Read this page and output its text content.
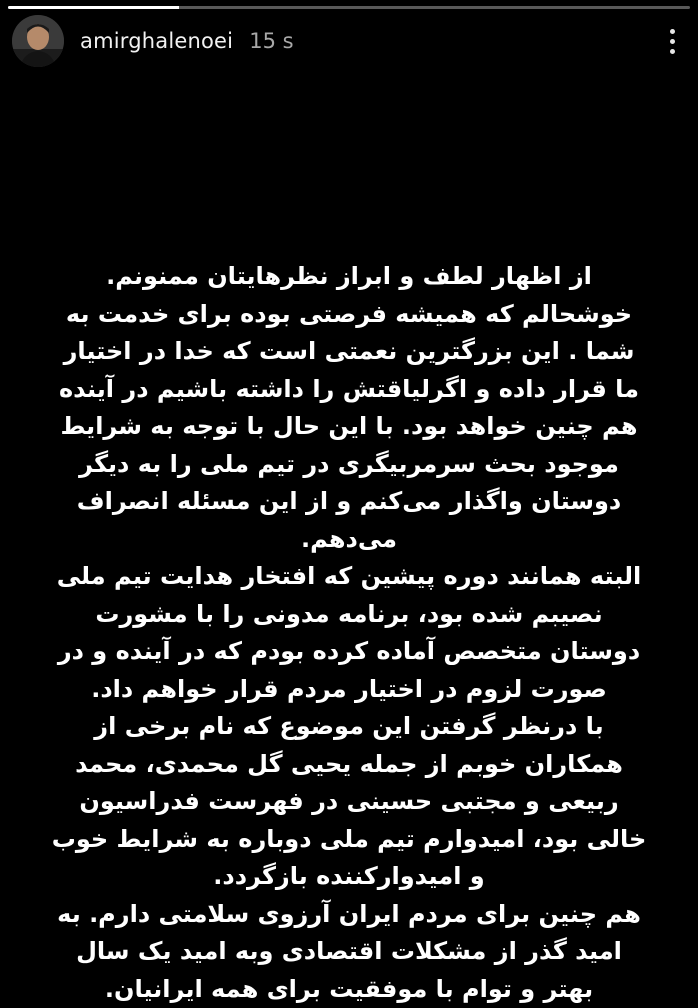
amirghalenoei 15 s

از اظهار لطف و ابراز نظرهایتان ممنونم. خوشحالم که همیشه فرصتی بوده برای خدمت به شما . این بزرگترین نعمتی است که خدا در اختیار ما قرار داده و اگرلیاقتش را داشته باشیم در آینده هم چنین خواهد بود. با این حال با توجه به شرایط موجود بحث سرمربیگری در تیم ملی را به دیگر دوستان واگذار می‌کنم و از این مسئله انصراف می‌دهم.

البته همانند دوره پیشین که افتخار هدایت تیم ملی نصیبم شده بود، برنامه مدونی را با مشورت دوستان متخصص آماده کرده بودم که در آینده و در صورت لزوم در اختیار مردم قرار خواهم داد.

با درنظر گرفتن این موضوع که نام برخی از همکاران خوبم از جمله یحیی گل محمدی، محمد ربیعی و مجتبی حسینی در فهرست فدراسیون خالی بود، امیدوارم تیم ملی دوباره به شرایط خوب و امیدوارکننده بازگردد.

هم چنین برای مردم ایران آرزوی سلامتی دارم. به امید گذر از مشکلات اقتصادی وبه امید یک سال بهتر و توام با موفقیت برای همه ایرانیان.
